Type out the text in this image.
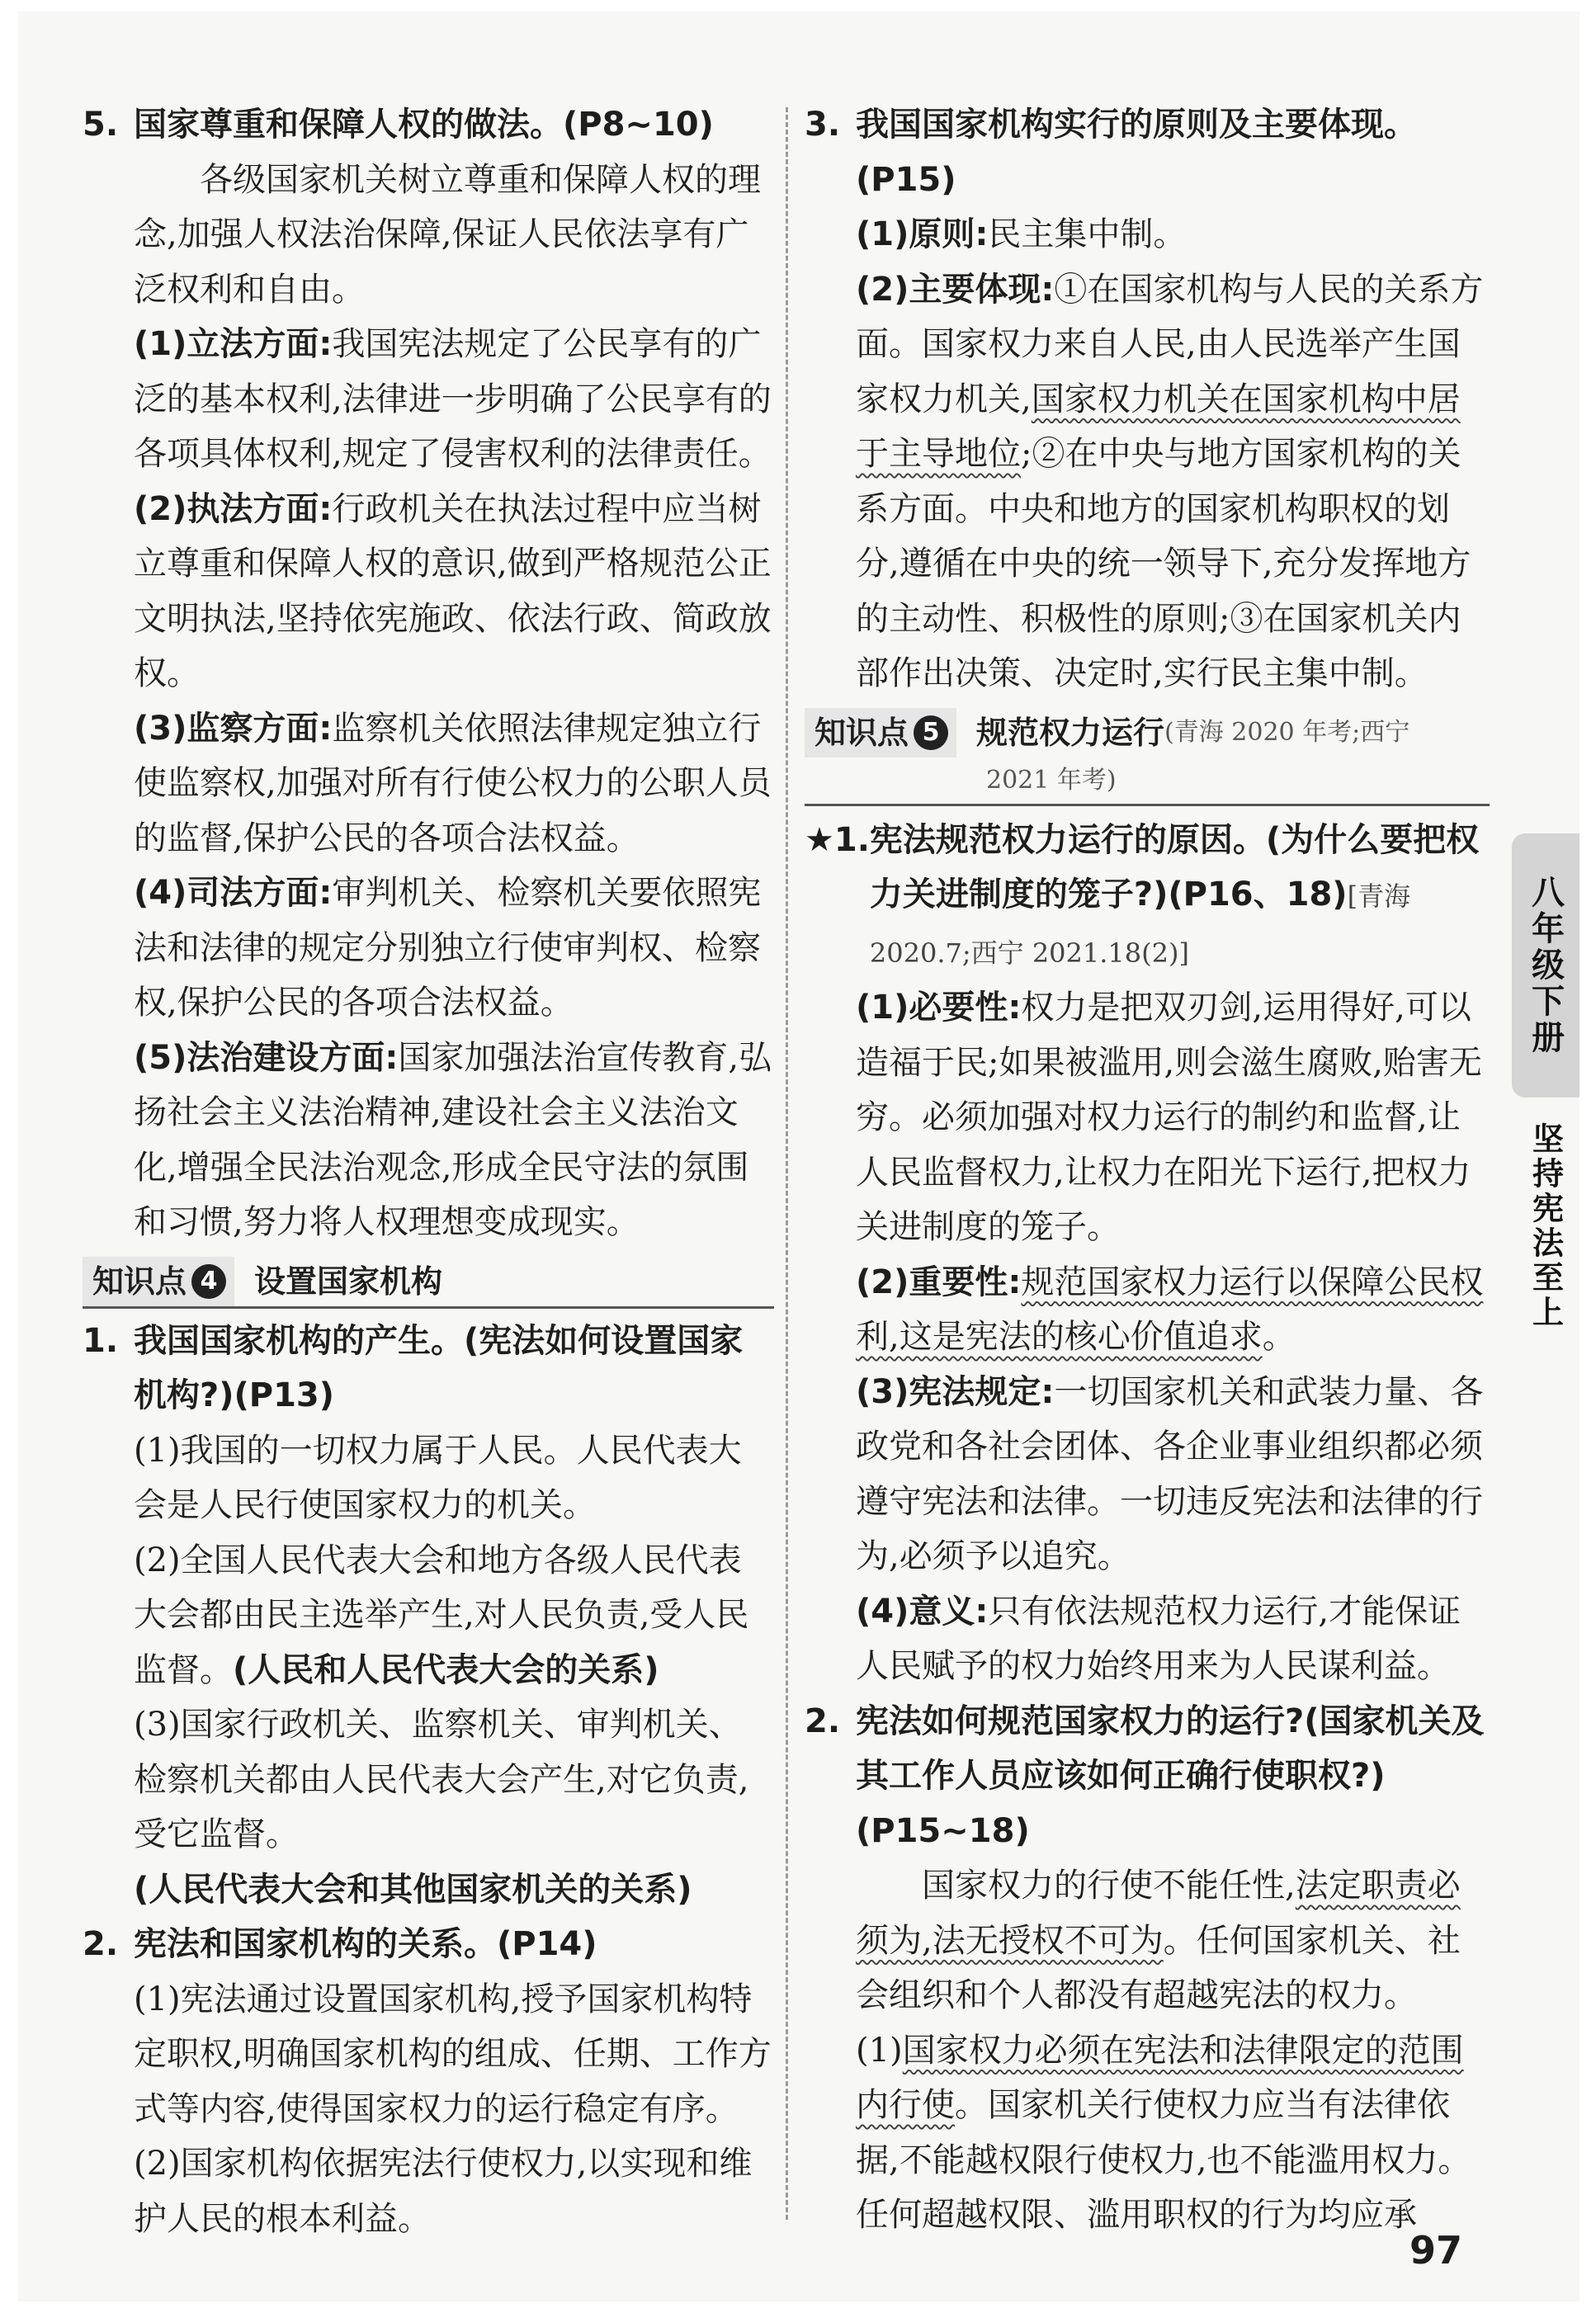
5. 国家尊重和保障人权的做法。(P8~10)
各级国家机关树立尊重和保障人权的理念,加强人权法治保障,保证人民依法享有广泛权利和自由。
(1)立法方面:我国宪法规定了公民享有的广泛的基本权利,法律进一步明确了公民享有的各项具体权利,规定了侵害权利的法律责任。
(2)执法方面:行政机关在执法过程中应当树立尊重和保障人权的意识,做到严格规范公正文明执法,坚持依宪施政、依法行政、简政放权。
(3)监察方面:监察机关依照法律规定独立行使监察权,加强对所有行使公权力的公职人员的监督,保护公民的各项合法权益。
(4)司法方面:审判机关、检察机关要依照宪法和法律的规定分别独立行使审判权、检察权,保护公民的各项合法权益。
(5)法治建设方面:国家加强法治宣传教育,弘扬社会主义法治精神,建设社会主义法治文化,增强全民法治观念,形成全民守法的氛围和习惯,努力将人权理想变成现实。
知识点 4 设置国家机构
1. 我国国家机构的产生。(宪法如何设置国家机构?)(P13)
(1)我国的一切权力属于人民。人民代表大会是人民行使国家权力的机关。
(2)全国人民代表大会和地方各级人民代表大会都由民主选举产生,对人民负责,受人民监督。(人民和人民代表大会的关系)
(3)国家行政机关、监察机关、审判机关、检察机关都由人民代表大会产生,对它负责,受它监督。
(人民代表大会和其他国家机关的关系)
2. 宪法和国家机构的关系。(P14)
(1)宪法通过设置国家机构,授予国家机构特定职权,明确国家机构的组成、任期、工作方式等内容,使得国家权力的运行稳定有序。
(2)国家机构依据宪法行使权力,以实现和维护人民的根本利益。
3. 我国国家机构实行的原则及主要体现。(P15)
(1)原则:民主集中制。
(2)主要体现:①在国家机构与人民的关系方面。国家权力来自人民,由人民选举产生国家权力机关,国家权力机关在国家机构中居于主导地位;②在中央与地方国家机构的关系方面。中央和地方的国家机构职权的划分,遵循在中央的统一领导下,充分发挥地方的主动性、积极性的原则;③在国家机关内部作出决策、决定时,实行民主集中制。
知识点 5 规范权力运行 (青海 2020 年考;西宁
2021 年考)
★1. 宪法规范权力运行的原因。(为什么要把权力关进制度的笼子?)(P16、18)[青海 2020.7;西宁 2021.18(2)]
(1)必要性:权力是把双刃剑,运用得好,可以造福于民;如果被滥用,则会滋生腐败,贻害无穷。必须加强对权力运行的制约和监督,让人民监督权力,让权力在阳光下运行,把权力关进制度的笼子。
(2)重要性:规范国家权力运行以保障公民权利,这是宪法的核心价值追求。
(3)宪法规定:一切国家机关和武装力量、各政党和各社会团体、各企业事业组织都必须遵守宪法和法律。一切违反宪法和法律的行为,必须予以追究。
(4)意义:只有依法规范权力运行,才能保证人民赋予的权力始终用来为人民谋利益。
2. 宪法如何规范国家权力的运行?(国家机关及其工作人员应该如何正确行使职权?)(P15~18)
国家权力的行使不能任性,法定职责必须为,法无授权不可为。任何国家机关、社会组织和个人都没有超越宪法的权力。
(1)国家权力必须在宪法和法律限定的范围内行使。国家机关行使权力应当有法律依据,不能越权限行使权力,也不能滥用权力。任何超越权限、滥用职权的行为均应承
八年级下册
坚持宪法至上
97
